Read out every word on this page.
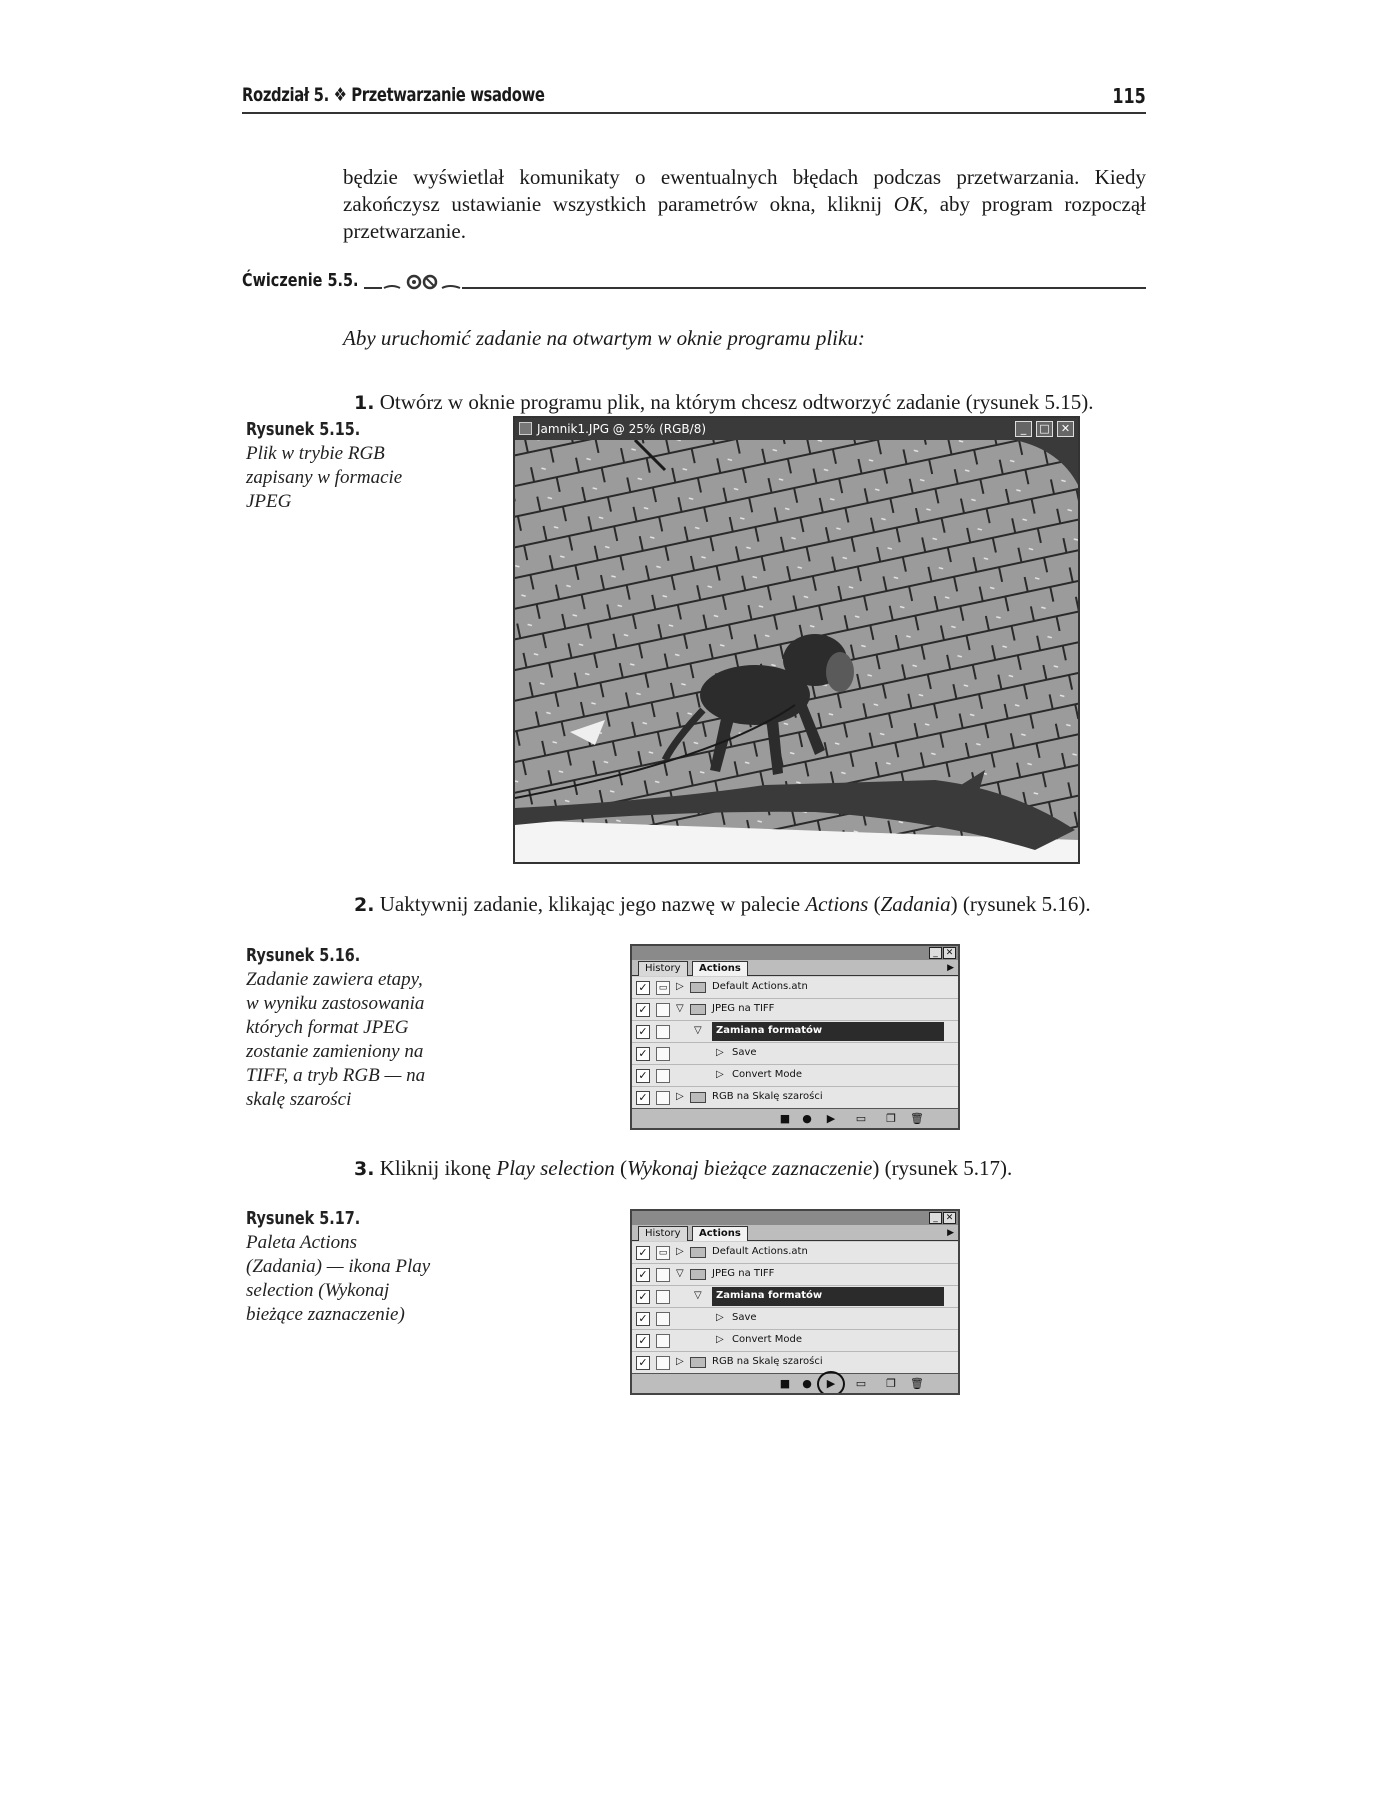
Rozdział 5. ❖ Przetwarzanie wsadowe	115

będzie wyświetlał komunikaty o ewentualnych błędach podczas przetwarzania. Kiedy zakończysz ustawianie wszystkich parametrów okna, kliknij OK, aby program rozpoczął przetwarzanie.

Ćwiczenie 5.5.

Aby uruchomić zadanie na otwartym w oknie programu pliku:

1. Otwórz w oknie programu plik, na którym chcesz odtworzyć zadanie (rysunek 5.15).

Rysunek 5.15.
Plik w trybie RGB zapisany w formacie JPEG
Jamnik1.JPG @ 25% (RGB/8)	_	□	✕

2. Uaktywnij zadanie, klikając jego nazwę w palecie Actions (Zadania) (rysunek 5.16).

Rysunek 5.16.
Zadanie zawiera etapy, w wyniku zastosowania których format JPEG zostanie zamieniony na TIFF, a tryb RGB — na skalę szarości
_ ✕
History	Actions	▶
✓	▭ ▷	Default Actions.atn
✓	▽	JPEG na TIFF
✓	▽ Zamiana formatów
✓	▷ Save
✓	▷ Convert Mode
✓	▷	RGB na Skalę szarości
■ ● ▶ ▭ ❐ 🗑

3. Kliknij ikonę Play selection (Wykonaj bieżące zaznaczenie) (rysunek 5.17).

Rysunek 5.17.
Paleta Actions (Zadania) — ikona Play selection (Wykonaj bieżące zaznaczenie)
_ ✕
History	Actions	▶
✓	▭ ▷	Default Actions.atn
✓	▽	JPEG na TIFF
✓	▽ Zamiana formatów
✓	▷ Save
✓	▷ Convert Mode
✓	▷	RGB na Skalę szarości
■ ● ▶ ▭ ❐ 🗑
